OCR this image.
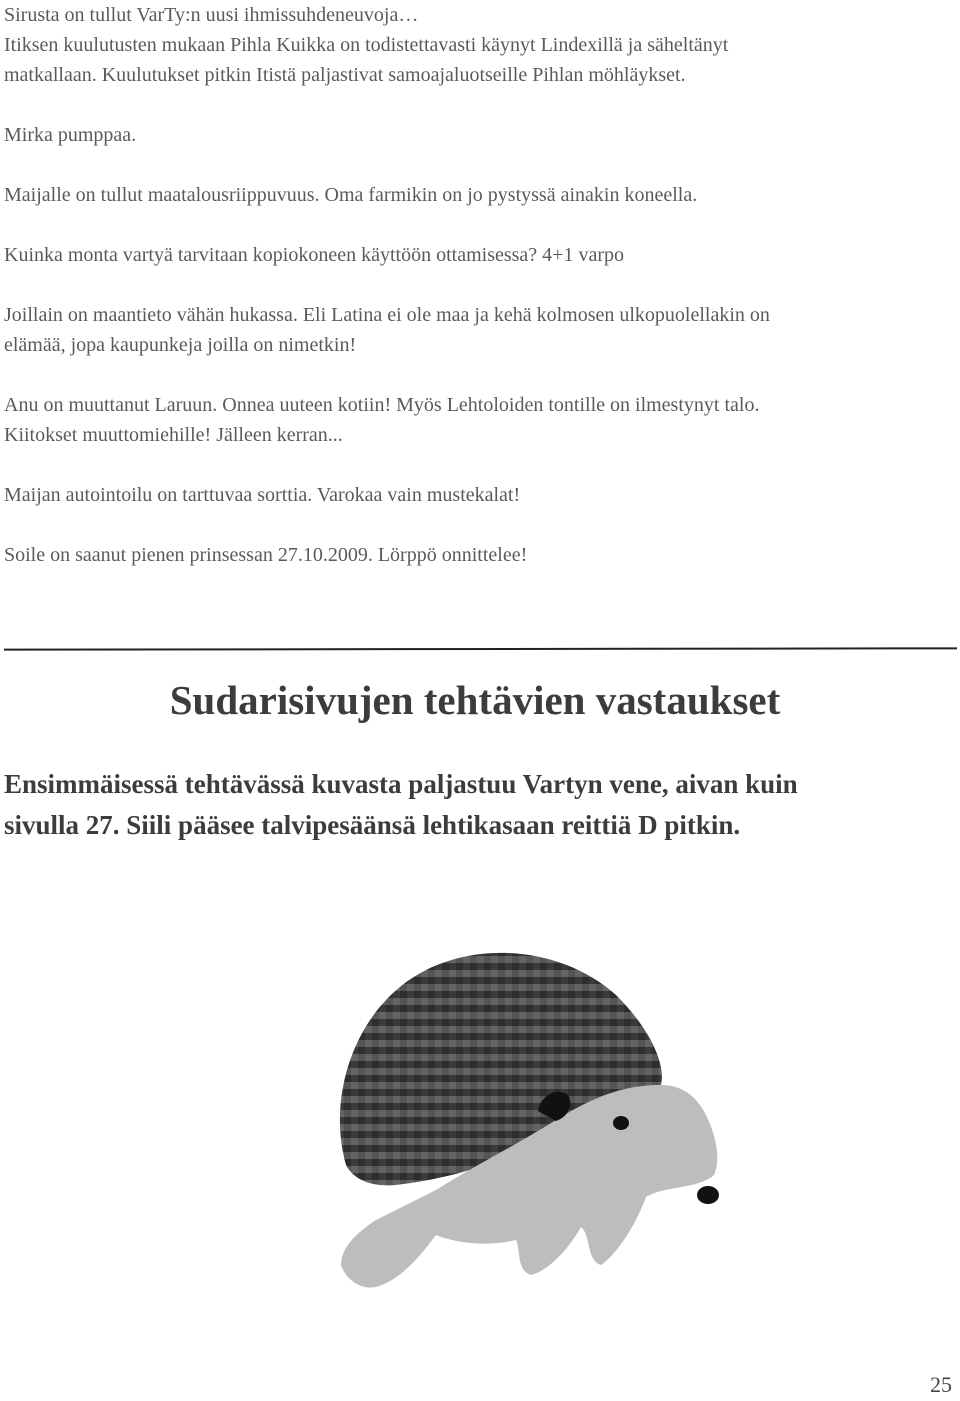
Sirusta on tullut VarTy:n uusi ihmissuhdeneuvoja…
Itiksen kuulutusten mukaan Pihla Kuikka on todistettavasti käynyt Lindexillä ja säheltänyt
matkallaan. Kuulutukset pitkin Itistä paljastivat samoajaluotseille Pihlan möhläykset.

Mirka pumppaa.

Maijalle on tullut maatalousriippuvuus. Oma farmikin on jo pystyssä ainakin koneella.

Kuinka monta vartyä tarvitaan kopiokoneen käyttöön ottamisessa? 4+1 varpo

Joillain on maantieto vähän hukassa. Eli Latina ei ole maa ja kehä kolmosen ulkopuolellakin on
elämää, jopa kaupunkeja joilla on nimetkin!

Anu on muuttanut Laruun. Onnea uuteen kotiin! Myös Lehtoloiden tontille on ilmestynyt talo.
Kiitokset muuttomiehille! Jälleen kerran...

Maijan autointoilu on tarttuvaa sorttia. Varokaa vain mustekalat!

Soile on saanut pienen prinsessan 27.10.2009. Lörppö onnittelee!

Sudarisivujen tehtävien vastaukset

Ensimmäisessä tehtävässä kuvasta paljastuu Vartyn vene, aivan kuin
sivulla 27. Siili pääsee talvipesäänsä lehtikasaan reittiä D pitkin.

25
